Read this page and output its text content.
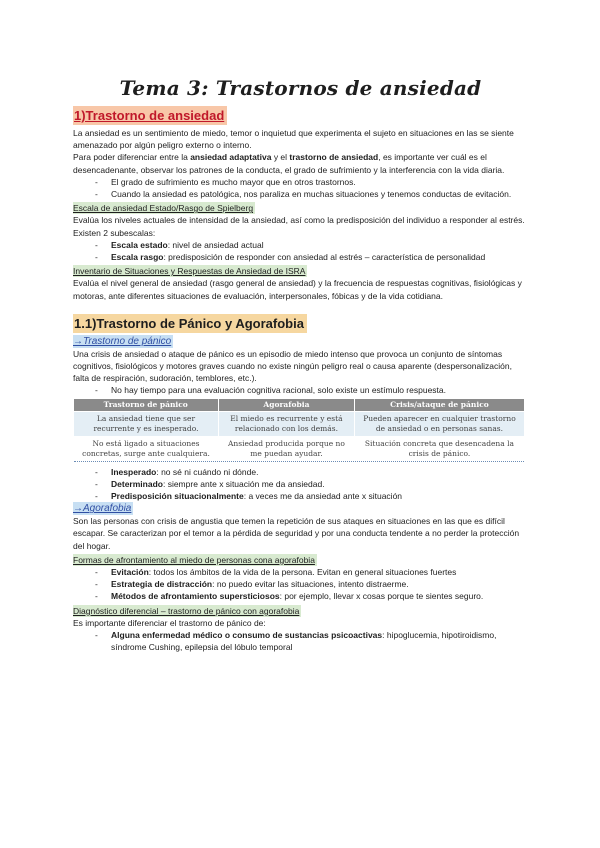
Tema 3: Trastornos de ansiedad
1)Trastorno de ansiedad

La ansiedad es un sentimiento de miedo, temor o inquietud que experimenta el sujeto en situaciones en las se siente amenazado por algún peligro externo o interno.

Para poder diferenciar entre la ansiedad adaptativa y el trastorno de ansiedad, es importante ver cuál es el desencadenante, observar los patrones de la conducta, el grado de sufrimiento y la interferencia con la vida diaria.

- El grado de sufrimiento es mucho mayor que en otros trastornos.
- Cuando la ansiedad es patológica, nos paraliza en muchas situaciones y tenemos conductas de evitación.
Escala de ansiedad Estado/Rasgo de Spielberg

Evalúa los niveles actuales de intensidad de la ansiedad, así como la predisposición del individuo a responder al estrés. Existen 2 subescalas:

- Escala estado: nivel de ansiedad actual
- Escala rasgo: predisposición de responder con ansiedad al estrés – característica de personalidad
Inventario de Situaciones y Respuestas de Ansiedad de ISRA

Evalúa el nivel general de ansiedad (rasgo general de ansiedad) y la frecuencia de respuestas cognitivas, fisiológicas y motoras, ante diferentes situaciones de evaluación, interpersonales, fóbicas y de la vida cotidiana.

1.1)Trastorno de Pánico y Agorafobia
→Trastorno de pánico

Una crisis de ansiedad o ataque de pánico es un episodio de miedo intenso que provoca un conjunto de síntomas cognitivos, fisiológicos y motores graves cuando no existe ningún peligro real o causa aparente (despersonalización, falta de respiración, sudoración, temblores, etc.).

- No hay tiempo para una evaluación cognitiva racional, solo existe un estímulo respuesta.
Trastorno de pánico	Agorafobia	Crisis/ataque de pánico
La ansiedad tiene que ser recurrente y es inesperado.	El miedo es recurrente y está relacionado con los demás.	Pueden aparecer en cualquier trastorno de ansiedad o en personas sanas.
No está ligado a situaciones concretas, surge ante cualquiera.	Ansiedad producida porque no me puedan ayudar.	Situación concreta que desencadena la crisis de pánico.
- Inesperado: no sé ni cuándo ni dónde.
- Determinado: siempre ante x situación me da ansiedad.
- Predisposición situacionalmente: a veces me da ansiedad ante x situación
→Agorafobia

Son las personas con crisis de angustia que temen la repetición de sus ataques en situaciones en las que es difícil escapar. Se caracterizan por el temor a la pérdida de seguridad y por una conducta tendente a no perder la protección del hogar.

Formas de afrontamiento al miedo de personas cona agorafobia
- Evitación: todos los ámbitos de la vida de la persona. Evitan en general situaciones fuertes
- Estrategia de distracción: no puedo evitar las situaciones, intento distraerme.
- Métodos de afrontamiento supersticiosos: por ejemplo, llevar x cosas porque te sientes seguro.
Diagnóstico diferencial – trastorno de pánico con agorafobia

Es importante diferenciar el trastorno de pánico de:

- Alguna enfermedad médico o consumo de sustancias psicoactivas: hipoglucemia, hipotiroidismo, síndrome Cushing, epilepsia del lóbulo temporal
